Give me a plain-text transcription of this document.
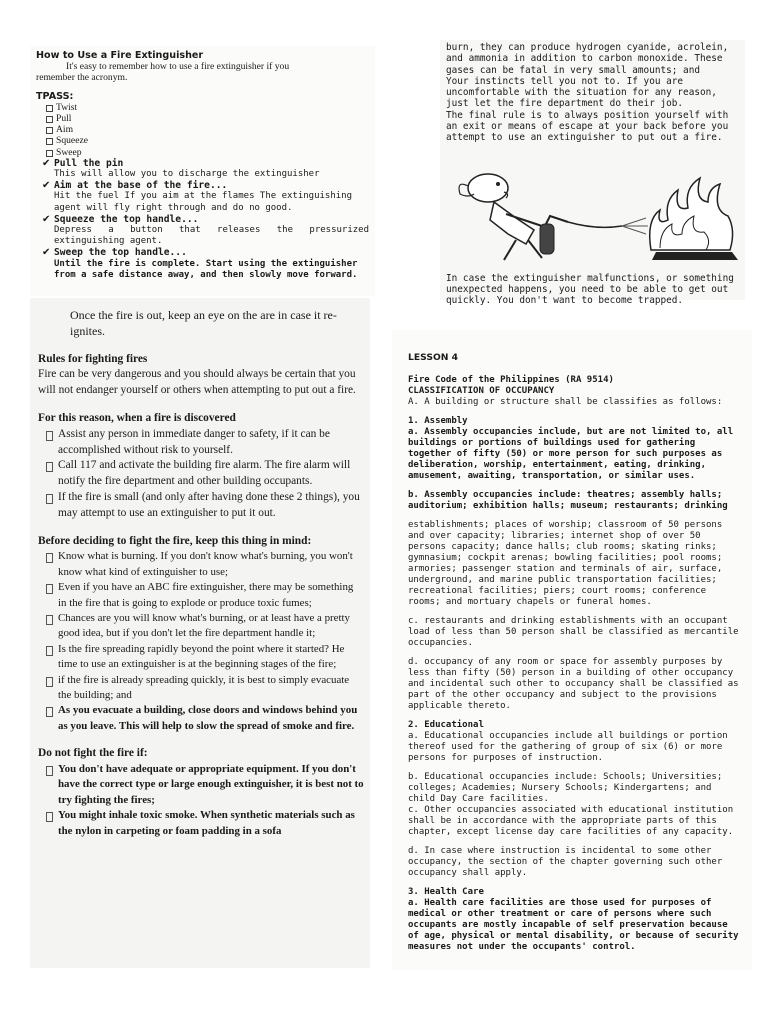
How to Use a Fire Extinguisher

It's easy to remember how to use a fire extinguisher if you

remember the acronym.

TPASS:

Twist
Pull
Aim
Squeeze
Sweep
✔ Pull the pin

This will allow you to discharge the extinguisher

✔ Aim at the base of the fire...

Hit the fuel If you aim at the flames The extinguishing agent will fly right through and do no good.

✔ Squeeze the top handle...

Depress a button that releases the pressurized extinguishing agent.

✔ Sweep the top handle...

Until the fire is complete. Start using the extinguisher from a safe distance away, and then slowly move forward.

burn, they can produce hydrogen cyanide, acrolein, and ammonia in addition to carbon monoxide. These gases can be fatal in very small amounts; and

Your instincts tell you not to. If you are uncomfortable with the situation for any reason, just let the fire department do their job.

The final rule is to always position yourself with an exit or means of escape at your back before you attempt to use an extinguisher to put out a fire.

In case the extinguisher malfunctions, or something unexpected happens, you need to be able to get out quickly. You don't want to become trapped.

Once the fire is out, keep an eye on the are in case it re-ignites.

Rules for fighting fires

Fire can be very dangerous and you should always be certain that you will not endanger yourself or others when attempting to put out a fire.

For this reason, when a fire is discovered

Assist any person in immediate danger to safety, if it can be accomplished without risk to yourself.
Call 117 and activate the building fire alarm. The fire alarm will notify the fire department and other building occupants.
If the fire is small (and only after having done these 2 things), you may attempt to use an extinguisher to put it out.

Before deciding to fight the fire, keep this thing in mind:

Know what is burning. If you don't know what's burning, you won't know what kind of extinguisher to use;
Even if you have an ABC fire extinguisher, there may be something in the fire that is going to explode or produce toxic fumes;
Chances are you will know what's burning, or at least have a pretty good idea, but if you don't let the fire department handle it;
Is the fire spreading rapidly beyond the point where it started? He time to use an extinguisher is at the beginning stages of the fire;
if the fire is already spreading quickly, it is best to simply evacuate the building; and
As you evacuate a building, close doors and windows behind you as you leave. This will help to slow the spread of smoke and fire.

Do not fight the fire if:

You don't have adequate or appropriate equipment. If you don't have the correct type or large enough extinguisher, it is best not to try fighting the fires;
You might inhale toxic smoke. When synthetic materials such as the nylon in carpeting or foam padding in a sofa

LESSON 4

Fire Code of the Philippines (RA 9514)

CLASSIFICATION OF OCCUPANCY

A. A building or structure shall be classifies as follows:

1. Assembly

a. Assembly occupancies include, but are not limited to, all buildings or portions of buildings used for gathering together of fifty (50) or more person for such purposes as deliberation, worship, entertainment, eating, drinking, amusement, awaiting, transportation, or similar uses.

b. Assembly occupancies include: theatres; assembly halls; auditorium; exhibition halls; museum; restaurants; drinking

establishments; places of worship; classroom of 50 persons and over capacity; libraries; internet shop of over 50 persons capacity; dance halls; club rooms; skating rinks; gymnasium; cockpit arenas; bowling facilities; pool rooms; armories; passenger station and terminals of air, surface, underground, and marine public transportation facilities; recreational facilities; piers; court rooms; conference rooms; and mortuary chapels or funeral homes.

c. restaurants and drinking establishments with an occupant load of less than 50 person shall be classified as mercantile occupancies.

d. occupancy of any room or space for assembly purposes by less than fifty (50) person in a building of other occupancy and incidental such other to occupancy shall be classified as part of the other occupancy and subject to the provisions applicable thereto.

2. Educational

a. Educational occupancies include all buildings or portion thereof used for the gathering of group of six (6) or more persons for purposes of instruction.

b. Educational occupancies include: Schools; Universities; colleges; Academies; Nursery Schools; Kindergartens; and child Day Care facilities.

c. Other occupancies associated with educational institution shall be in accordance with the appropriate parts of this chapter, except license day care facilities of any capacity.

d. In case where instruction is incidental to some other occupancy, the section of the chapter governing such other occupancy shall apply.

3. Health Care

a. Health care facilities are those used for purposes of medical or other treatment or care of persons where such occupants are mostly incapable of self preservation because of age, physical or mental disability, or because of security measures not under the occupants' control.
